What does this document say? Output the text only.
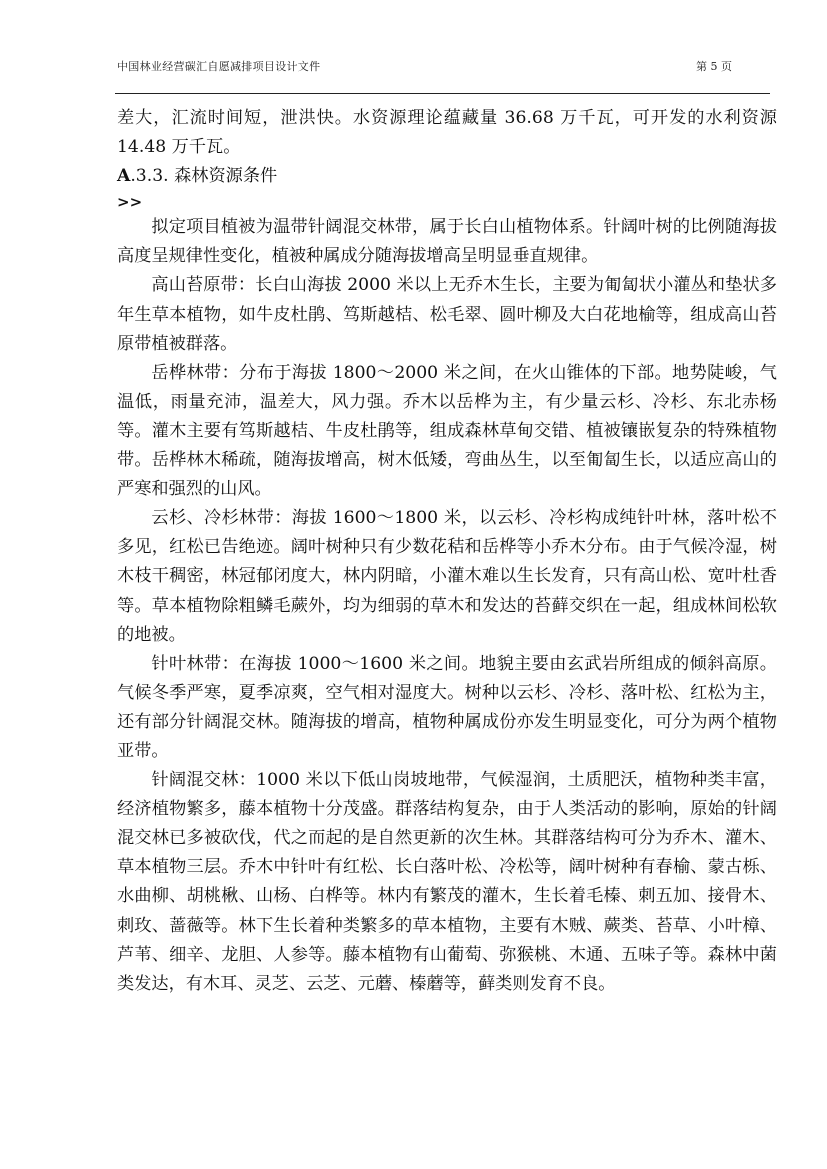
中国林业经营碳汇自愿减排项目设计文件	第 5 页

差大，汇流时间短，泄洪快。水资源理论蕴藏量 36.68 万千瓦，可开发的水利资源 14.48 万千瓦。

A.3.3. 森林资源条件

>>

拟定项目植被为温带针阔混交林带，属于长白山植物体系。针阔叶树的比例随海拔高度呈规律性变化，植被种属成分随海拔增高呈明显垂直规律。

高山苔原带：长白山海拔 2000 米以上无乔木生长，主要为匍匐状小灌丛和垫状多年生草本植物，如牛皮杜鹃、笃斯越桔、松毛翠、圆叶柳及大白花地榆等，组成高山苔原带植被群落。

岳桦林带：分布于海拔 1800～2000 米之间，在火山锥体的下部。地势陡峻，气温低，雨量充沛，温差大，风力强。乔木以岳桦为主，有少量云杉、冷杉、东北赤杨等。灌木主要有笃斯越桔、牛皮杜鹃等，组成森林草甸交错、植被镶嵌复杂的特殊植物带。岳桦林木稀疏，随海拔增高，树木低矮，弯曲丛生，以至匍匐生长，以适应高山的严寒和强烈的山风。

云杉、冷杉林带：海拔 1600～1800 米，以云杉、冷杉构成纯针叶林，落叶松不多见，红松已告绝迹。阔叶树种只有少数花秸和岳桦等小乔木分布。由于气候冷湿，树木枝干稠密，林冠郁闭度大，林内阴暗，小灌木难以生长发育，只有高山松、宽叶杜香等。草本植物除粗鳞毛蕨外，均为细弱的草木和发达的苔藓交织在一起，组成林间松软的地被。

针叶林带：在海拔 1000～1600 米之间。地貌主要由玄武岩所组成的倾斜高原。气候冬季严寒，夏季凉爽，空气相对湿度大。树种以云杉、冷杉、落叶松、红松为主，还有部分针阔混交林。随海拔的增高，植物种属成份亦发生明显变化，可分为两个植物亚带。

针阔混交林：1000 米以下低山岗坡地带，气候湿润，土质肥沃，植物种类丰富，经济植物繁多，藤本植物十分茂盛。群落结构复杂，由于人类活动的影响，原始的针阔混交林已多被砍伐，代之而起的是自然更新的次生林。其群落结构可分为乔木、灌木、草本植物三层。乔木中针叶有红松、长白落叶松、冷松等，阔叶树种有春榆、蒙古栎、水曲柳、胡桃楸、山杨、白桦等。林内有繁茂的灌木，生长着毛榛、刺五加、接骨木、刺玫、蔷薇等。林下生长着种类繁多的草本植物，主要有木贼、蕨类、苔草、小叶樟、芦苇、细辛、龙胆、人参等。藤本植物有山葡萄、弥猴桃、木通、五味子等。森林中菌类发达，有木耳、灵芝、云芝、元蘑、榛蘑等，藓类则发育不良。
